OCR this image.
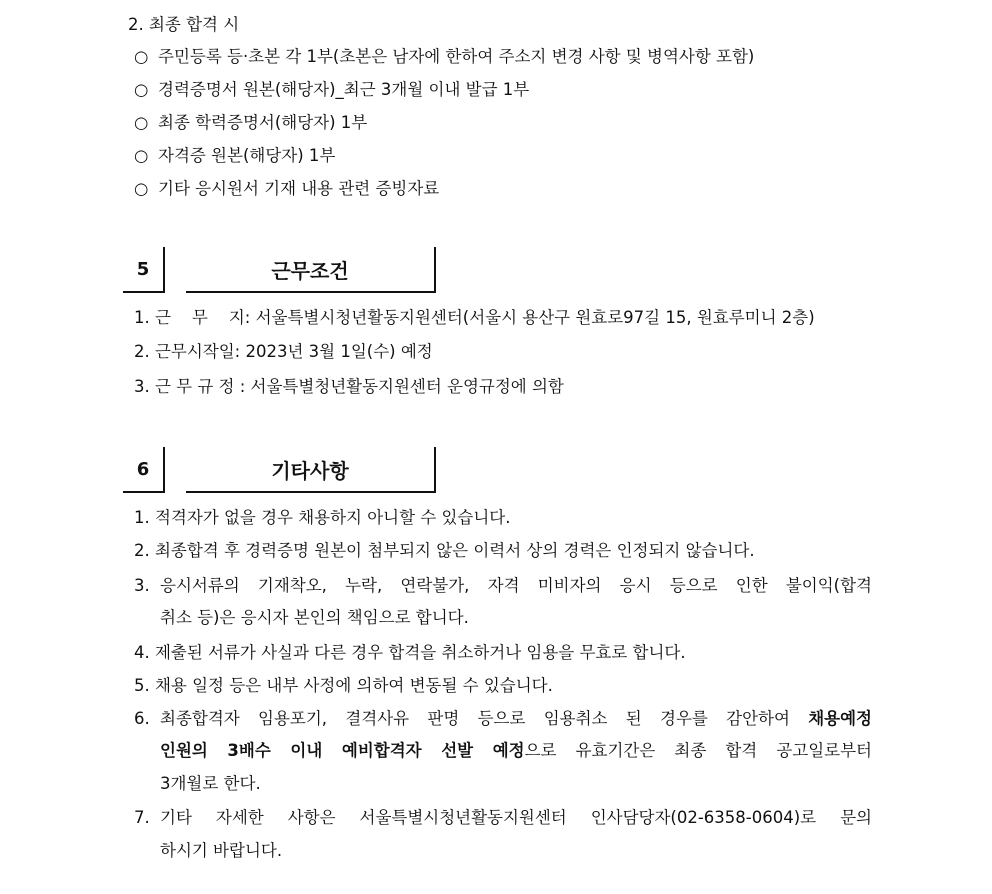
2. 최종 합격 시
○ 주민등록 등·초본 각 1부(초본은 남자에 한하여 주소지 변경 사항 및 병역사항 포함)
○ 경력증명서 원본(해당자)_최근 3개월 이내 발급 1부
○ 최종 학력증명서(해당자) 1부
○ 자격증 원본(해당자) 1부
○ 기타 응시원서 기재 내용 관련 증빙자료
5	근무조건
1. 근    무    지: 서울특별시청년활동지원센터(서울시 용산구 원효로97길 15, 원효루미니 2층)
2. 근무시작일: 2023년 3월 1일(수) 예정
3. 근 무 규 정 : 서울특별청년활동지원센터 운영규정에 의함
6	기타사항
1. 적격자가 없을 경우 채용하지 아니할 수 있습니다.
2. 최종합격 후 경력증명 원본이 첨부되지 않은 이력서 상의 경력은 인정되지 않습니다.
3. 응시서류의 기재착오, 누락, 연락불가, 자격 미비자의 응시 등으로 인한 불이익(합격
취소 등)은 응시자 본인의 책임으로 합니다.
4. 제출된 서류가 사실과 다른 경우 합격을 취소하거나 임용을 무효로 합니다.
5. 채용 일정 등은 내부 사정에 의하여 변동될 수 있습니다.
6. 최종합격자 임용포기, 결격사유 판명 등으로 임용취소 된 경우를 감안하여 채용예정
인원의 3배수 이내 예비합격자 선발 예정으로 유효기간은 최종 합격 공고일로부터
3개월로 한다.
7. 기타 자세한 사항은 서울특별시청년활동지원센터 인사담당자(02-6358-0604)로 문의
하시기 바랍니다.
